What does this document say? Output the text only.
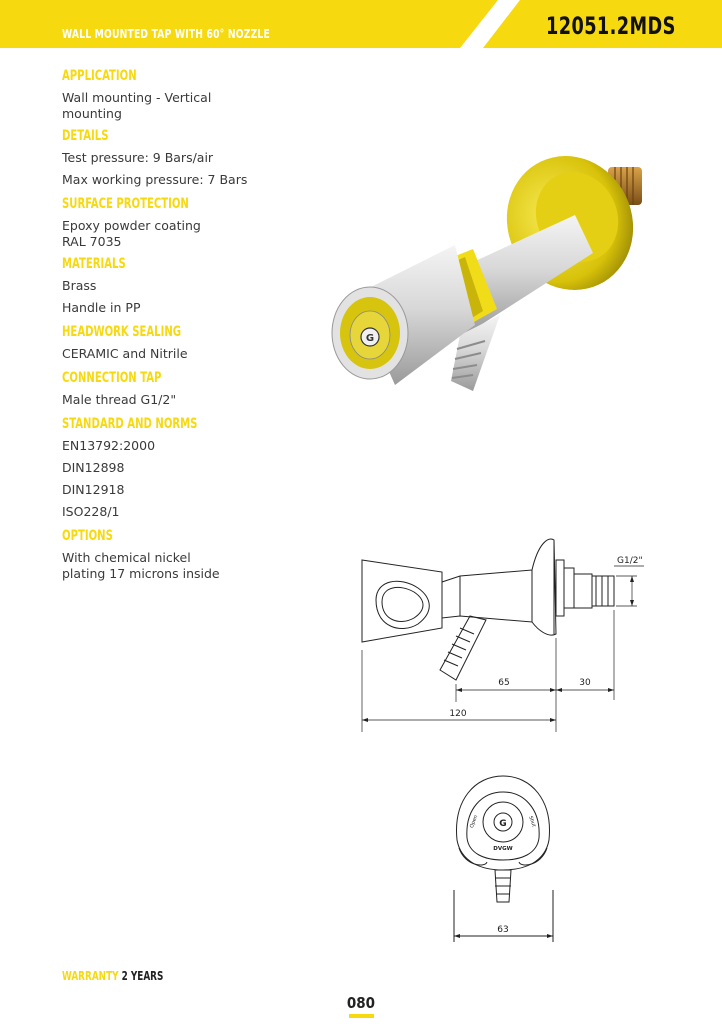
WALL MOUNTED TAP WITH 60° NOZZLE	12051.2MDS
APPLICATION
Wall mounting - Vertical mounting
DETAILS
Test pressure: 9 Bars/air
Max working pressure: 7 Bars
SURFACE PROTECTION
Epoxy powder coating RAL 7035
MATERIALS
Brass
Handle in PP
HEADWORK SEALING
CERAMIC and Nitrile
CONNECTION TAP
Male thread G1/2"
STANDARD AND NORMS
EN13792:2000
DIN12898
DIN12918
ISO228/1
OPTIONS
With chemical nickel plating 17 microns inside
G
65	30
120
G1/2"
G
DVGW
Open	Shut
63
WARRANTY 2 YEARS
080
